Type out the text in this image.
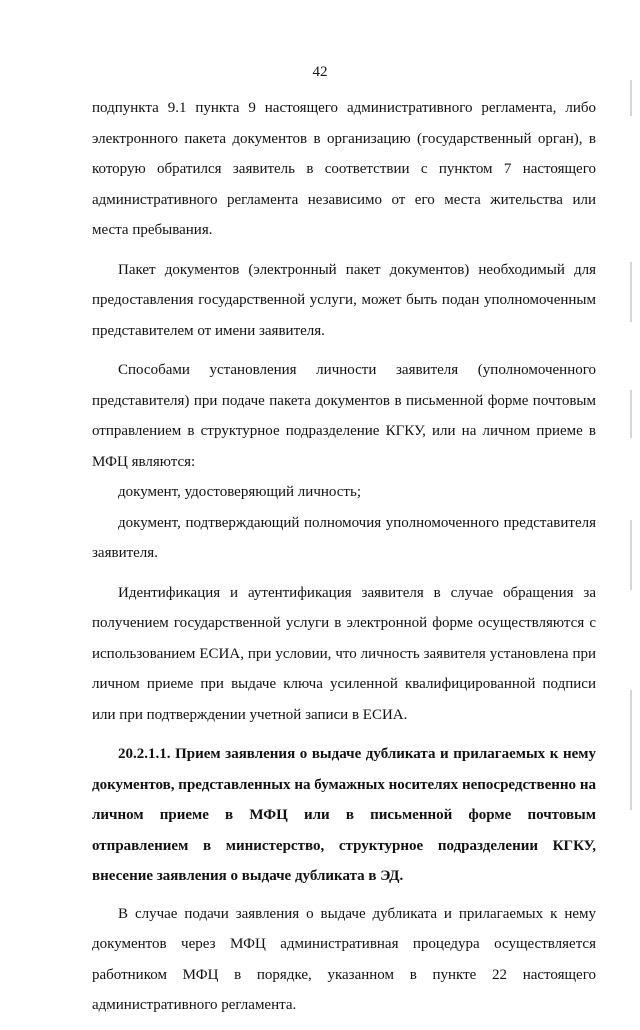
42

подпункта 9.1 пункта 9 настоящего административного регламента, либо электронного пакета документов в организацию (государственный орган), в которую обратился заявитель в соответствии с пунктом 7 настоящего административного регламента независимо от его места жительства или места пребывания.

Пакет документов (электронный пакет документов) необходимый для предоставления государственной услуги, может быть подан уполномоченным представителем от имени заявителя.

Способами установления личности заявителя (уполномоченного представителя) при подаче пакета документов в письменной форме почтовым отправлением в структурное подразделение КГКУ, или на личном приеме в МФЦ являются:

документ, удостоверяющий личность;

документ, подтверждающий полномочия уполномоченного представителя заявителя.

Идентификация и аутентификация заявителя в случае обращения за получением государственной услуги в электронной форме осуществляются с использованием ЕСИА, при условии, что личность заявителя установлена при личном приеме при выдаче ключа усиленной квалифицированной подписи или при подтверждении учетной записи в ЕСИА.

20.2.1.1. Прием заявления о выдаче дубликата и прилагаемых к нему документов, представленных на бумажных носителях непосредственно на личном приеме в МФЦ или в письменной форме почтовым отправлением в министерство, структурное подразделении КГКУ, внесение заявления о выдаче дубликата в ЭД.

В случае подачи заявления о выдаче дубликата и прилагаемых к нему документов через МФЦ административная процедура осуществляется работником МФЦ в порядке, указанном в пункте 22 настоящего административного регламента.
